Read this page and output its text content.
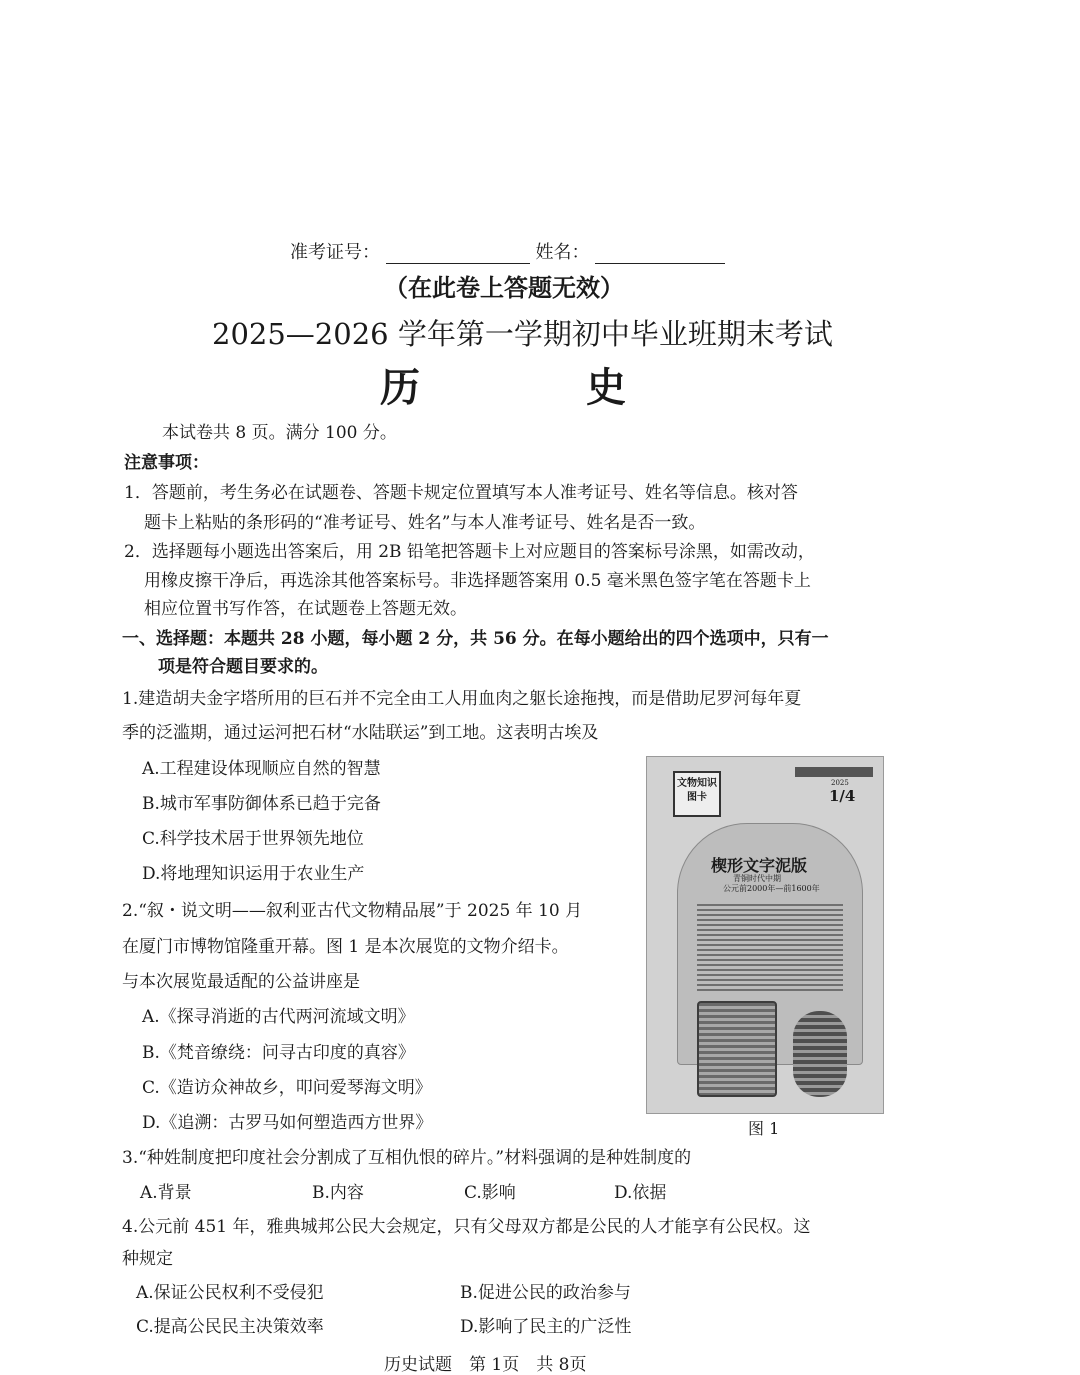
准考证号：	姓名：
（在此卷上答题无效）
2025—2026 学年第一学期初中毕业班期末考试
历	史
本试卷共 8 页。满分 100 分。
注意事项：
1．答题前，考生务必在试题卷、答题卡规定位置填写本人准考证号、姓名等信息。核对答
题卡上粘贴的条形码的“准考证号、姓名”与本人准考证号、姓名是否一致。
2．选择题每小题选出答案后，用 2B 铅笔把答题卡上对应题目的答案标号涂黑，如需改动，
用橡皮擦干净后，再选涂其他答案标号。非选择题答案用 0.5 毫米黑色签字笔在答题卡上
相应位置书写作答，在试题卷上答题无效。
一、选择题：本题共 28 小题，每小题 2 分，共 56 分。在每小题给出的四个选项中，只有一
项是符合题目要求的。
1.建造胡夫金字塔所用的巨石并不完全由工人用血肉之躯长途拖拽，而是借助尼罗河每年夏
季的泛滥期，通过运河把石材“水陆联运”到工地。这表明古埃及
A.工程建设体现顺应自然的智慧
B.城市军事防御体系已趋于完备
C.科学技术居于世界领先地位
D.将地理知识运用于农业生产
2.“叙・说文明——叙利亚古代文物精品展”于 2025 年 10 月
在厦门市博物馆隆重开幕。图 1 是本次展览的文物介绍卡。
与本次展览最适配的公益讲座是
A.《探寻消逝的古代两河流域文明》
B.《梵音缭绕：问寻古印度的真容》
C.《造访众神故乡，叩问爱琴海文明》
D.《追溯：古罗马如何塑造西方世界》
文物知识图卡
2025
1/4
楔形文字泥版
青铜时代中期
公元前2000年—前1600年
图 1
3.“种姓制度把印度社会分割成了互相仇恨的碎片。”材料强调的是种姓制度的
A.背景	B.内容	C.影响	D.依据
4.公元前 451 年，雅典城邦公民大会规定，只有父母双方都是公民的人才能享有公民权。这
种规定
A.保证公民权利不受侵犯	B.促进公民的政治参与
C.提高公民民主决策效率	D.影响了民主的广泛性
历史试题　第 1页　共 8页
